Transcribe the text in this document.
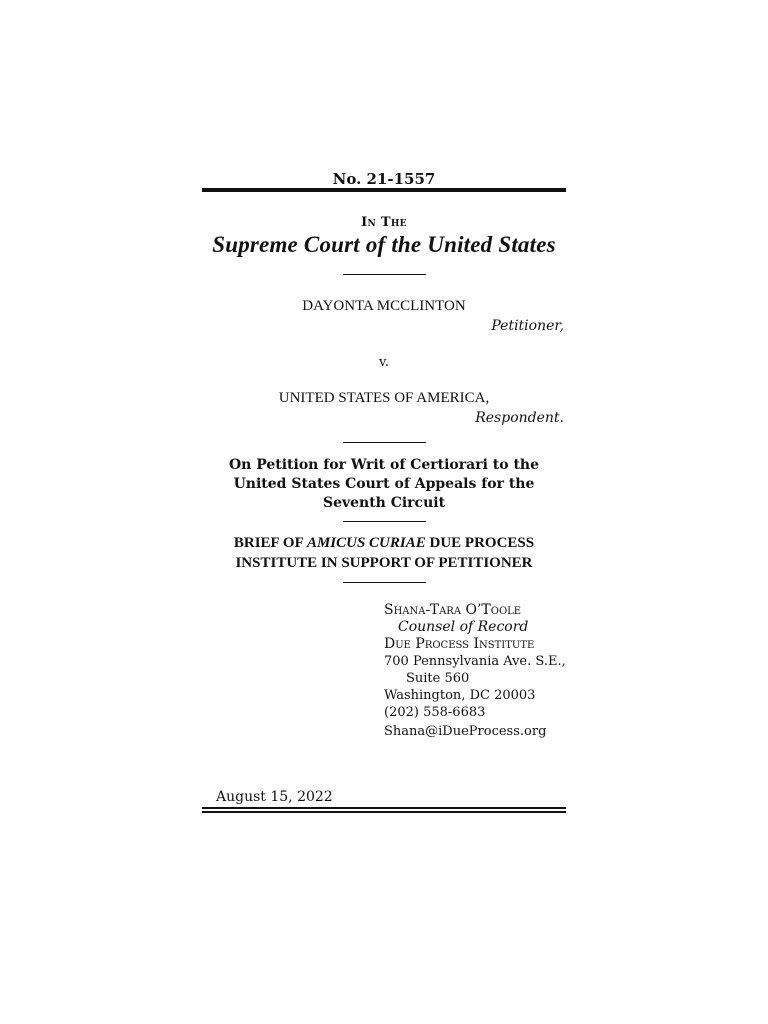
No. 21-1557
In The
Supreme Court of the United States
DAYONTA MCCLINTON
Petitioner,
v.
UNITED STATES OF AMERICA,
Respondent.
On Petition for Writ of Certiorari to the
United States Court of Appeals for the
Seventh Circuit
BRIEF OF AMICUS CURIAE DUE PROCESS
INSTITUTE IN SUPPORT OF PETITIONER
Shana-Tara O’Toole
Counsel of Record
Due Process Institute
700 Pennsylvania Ave. S.E.,
Suite 560
Washington, DC 20003
(202) 558-6683
Shana@iDueProcess.org
August 15, 2022
